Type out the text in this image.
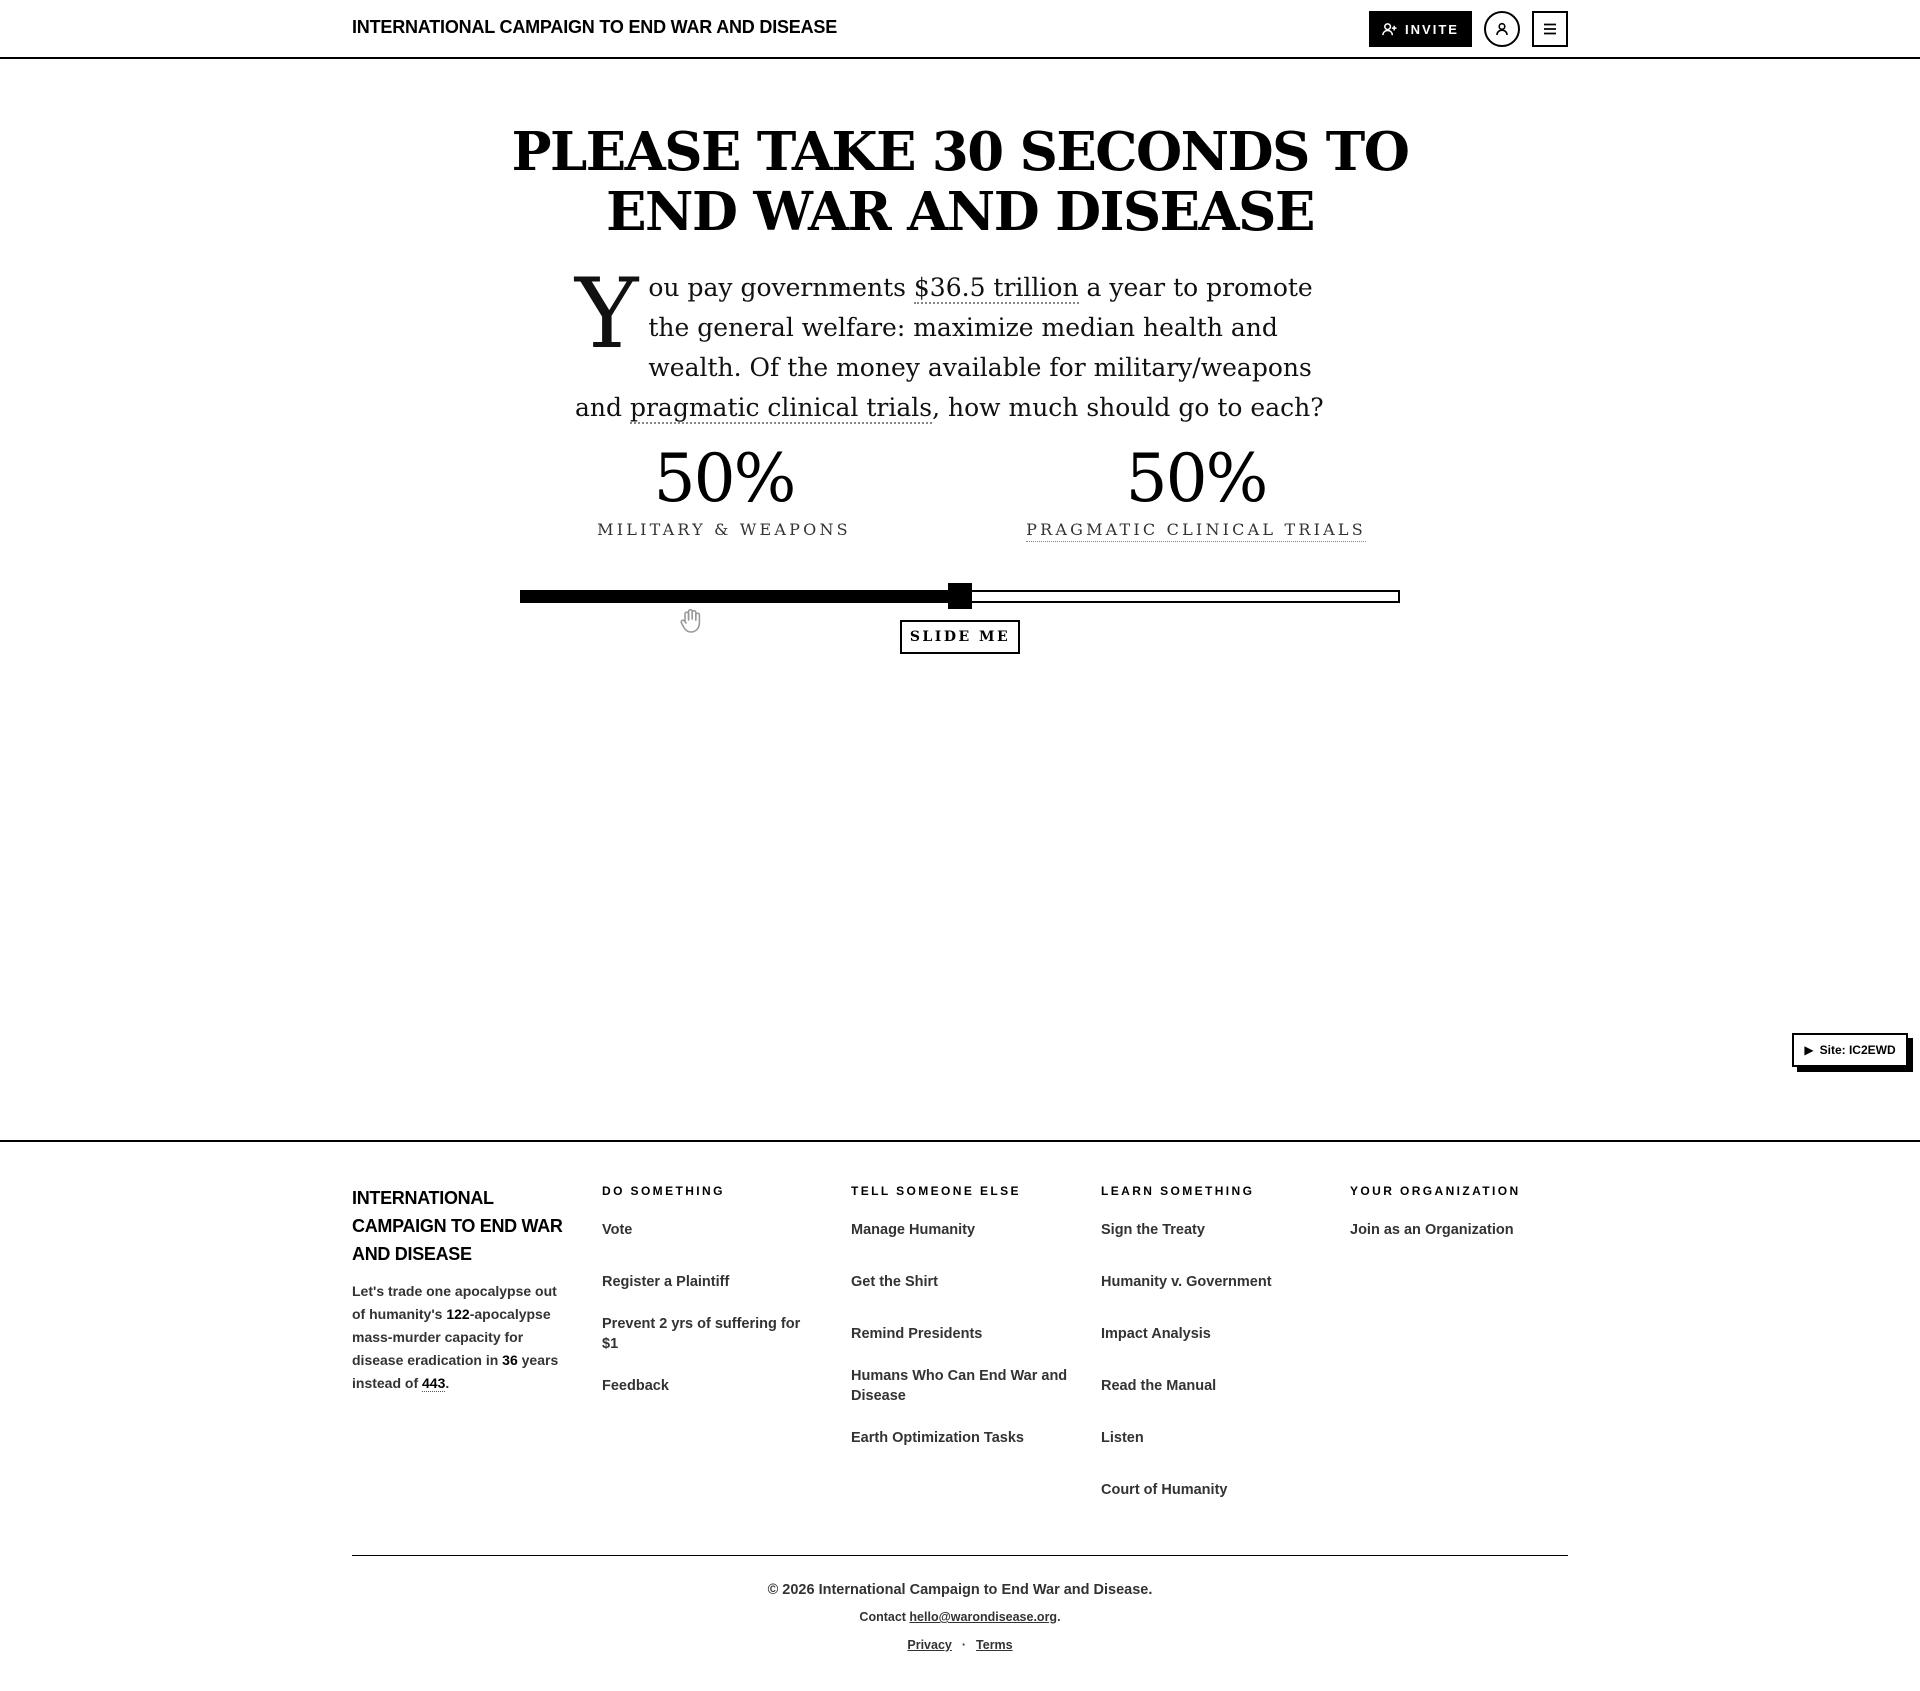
INTERNATIONAL CAMPAIGN TO END WAR AND DISEASE	INVITE
PLEASE TAKE 30 SECONDS TO
END WAR AND DISEASE

You pay governments $36.5 trillion a year to promote the general welfare: maximize median health and wealth. Of the money available for military/weapons and pragmatic clinical trials, how much should go to each?

50%
MILITARY & WEAPONS
50%
PRAGMATIC CLINICAL TRIALS
SLIDE ME
▶ Site: IC2EWD
INTERNATIONAL CAMPAIGN TO END WAR AND DISEASE

Let's trade one apocalypse out of humanity's 122-apocalypse mass-murder capacity for disease eradication in 36 years instead of 443.

DO SOMETHING
Vote
Register a Plaintiff
Prevent 2 yrs of suffering for $1
Feedback
TELL SOMEONE ELSE
Manage Humanity
Get the Shirt
Remind Presidents
Humans Who Can End War and Disease
Earth Optimization Tasks
LEARN SOMETHING
Sign the Treaty
Humanity v. Government
Impact Analysis
Read the Manual
Listen
Court of Humanity
YOUR ORGANIZATION
Join as an Organization
© 2026 International Campaign to End War and Disease.
Contact hello@warondisease.org.
Privacy · Terms
